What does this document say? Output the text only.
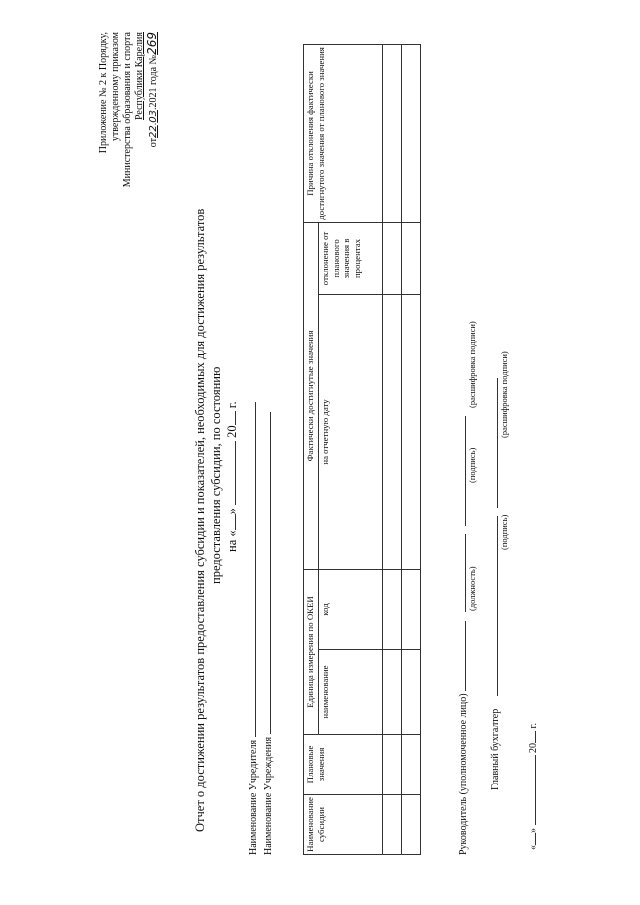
Приложение № 2 к Порядку, утвержденному приказом Министерства образования и спорта Республики Карелия
от22.03.2021 года №269
Отчет о достижении результатов предоставления субсидии и показателей, необходимых для достижения результатов предоставления субсидии, по состоянию на «»  20 г.
Наименование Учредителя Наименование Учреждения	Наименование субсидии	Плановые значения	Единица измерения по ОКЕИ		Фактически достигнутые значения		Причина отклонения фактически достигнутого значения от планового значения
		наименование	код	на отчетную дату	отклонение от планового значения в процентах	

Руководитель (уполномоченное лицо)
(должность)
(подпись)
(расшифровка подписи)
Главный бухгалтер
(подпись)
(расшифровка подписи)
«»  20 г.
